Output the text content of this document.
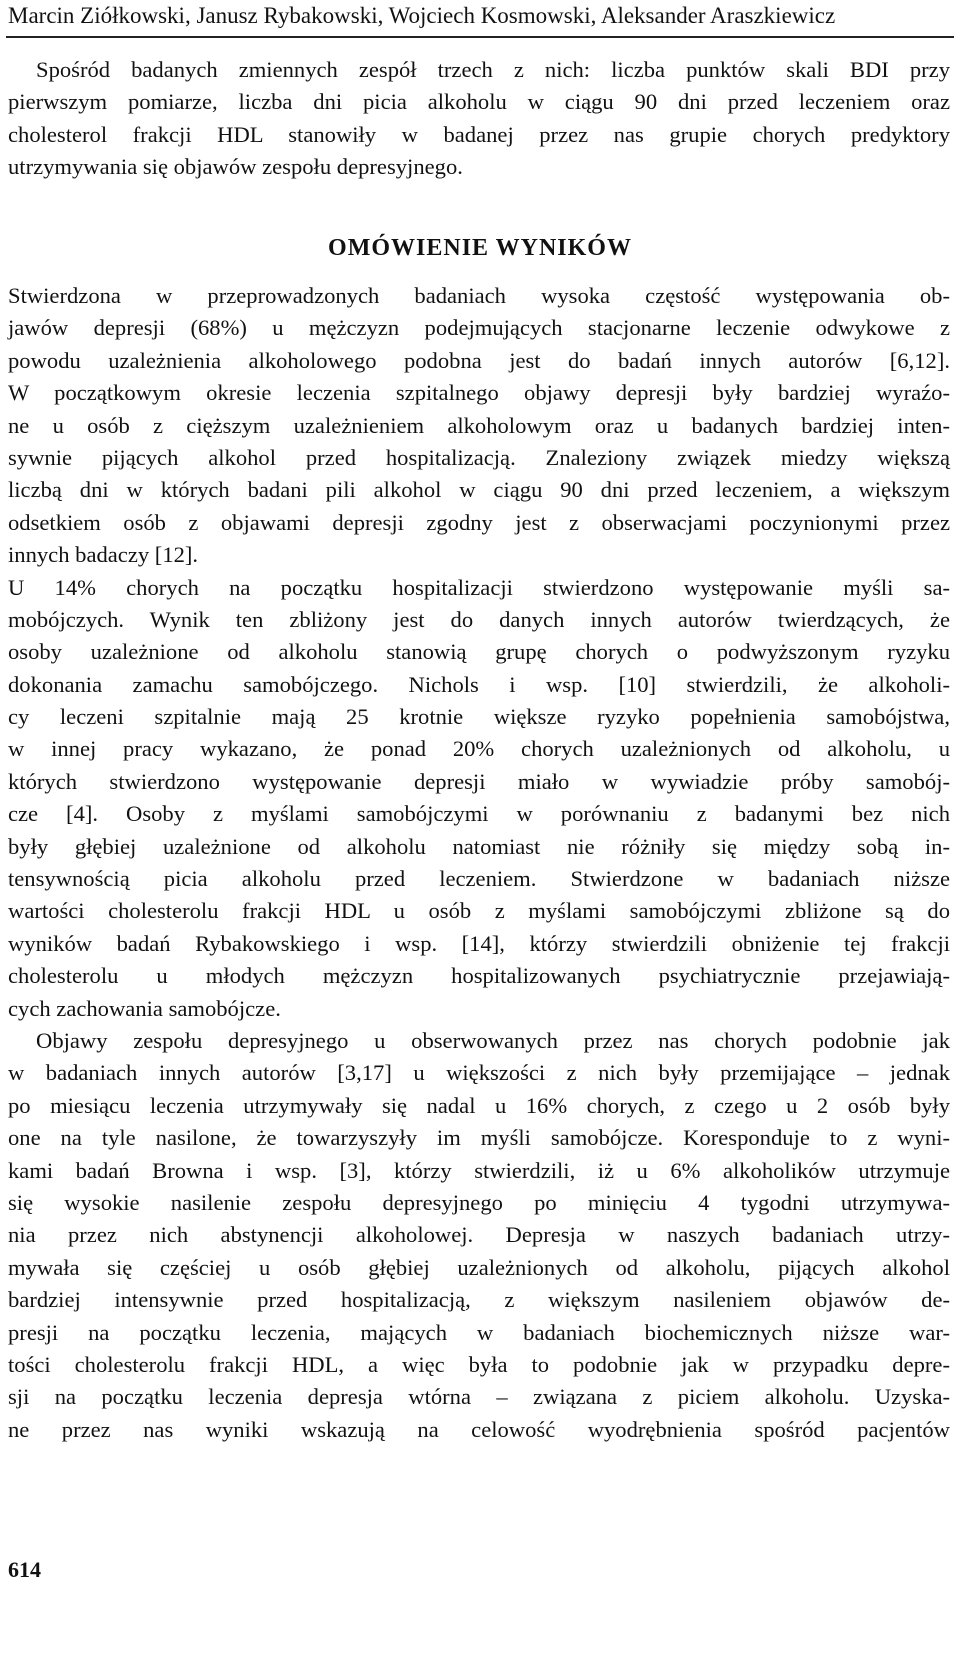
Marcin Ziółkowski, Janusz Rybakowski, Wojciech Kosmowski, Aleksander Araszkiewicz
Spośród badanych zmiennych zespół trzech z nich: liczba punktów skali BDI przy
pierwszym pomiarze, liczba dni picia alkoholu w ciągu 90 dni przed leczeniem oraz
cholesterol frakcji HDL stanowiły w badanej przez nas grupie chorych predyktory
utrzymywania się objawów zespołu depresyjnego.
OMÓWIENIE WYNIKÓW
Stwierdzona w przeprowadzonych badaniach wysoka częstość występowania ob-
jawów depresji (68%) u mężczyzn podejmujących stacjonarne leczenie odwykowe z
powodu uzależnienia alkoholowego podobna jest do badań innych autorów [6,12].
W początkowym okresie leczenia szpitalnego objawy depresji były bardziej wyraźo-
ne u osób z cięższym uzależnieniem alkoholowym oraz u badanych bardziej inten-
sywnie pijących alkohol przed hospitalizacją. Znaleziony związek miedzy większą
liczbą dni w których badani pili alkohol w ciągu 90 dni przed leczeniem, a większym
odsetkiem osób z objawami depresji zgodny jest z obserwacjami poczynionymi przez
innych badaczy [12].
U 14% chorych na początku hospitalizacji stwierdzono występowanie myśli sa-
mobójczych. Wynik ten zbliżony jest do danych innych autorów twierdzących, że
osoby uzależnione od alkoholu stanowią grupę chorych o podwyższonym ryzyku
dokonania zamachu samobójczego. Nichols i wsp. [10] stwierdzili, że alkoholi-
cy leczeni szpitalnie mają 25 krotnie większe ryzyko popełnienia samobójstwa,
w innej pracy wykazano, że ponad 20% chorych uzależnionych od alkoholu, u
których stwierdzono występowanie depresji miało w wywiadzie próby samobój-
cze [4]. Osoby z myślami samobójczymi w porównaniu z badanymi bez nich
były głębiej uzależnione od alkoholu natomiast nie różniły się między sobą in-
tensywnością picia alkoholu przed leczeniem. Stwierdzone w badaniach niższe
wartości cholesterolu frakcji HDL u osób z myślami samobójczymi zbliżone są do
wyników badań Rybakowskiego i wsp. [14], którzy stwierdzili obniżenie tej frakcji
cholesterolu u młodych mężczyzn hospitalizowanych psychiatrycznie przejawiają-
cych zachowania samobójcze.
Objawy zespołu depresyjnego u obserwowanych przez nas chorych podobnie jak
w badaniach innych autorów [3,17] u większości z nich były przemijające – jednak
po miesiącu leczenia utrzymywały się nadal u 16% chorych, z czego u 2 osób były
one na tyle nasilone, że towarzyszyły im myśli samobójcze. Koresponduje to z wyni-
kami badań Browna i wsp. [3], którzy stwierdzili, iż u 6% alkoholików utrzymuje
się wysokie nasilenie zespołu depresyjnego po minięciu 4 tygodni utrzymywa-
nia przez nich abstynencji alkoholowej. Depresja w naszych badaniach utrzy-
mywała się częściej u osób głębiej uzależnionych od alkoholu, pijących alkohol
bardziej intensywnie przed hospitalizacją, z większym nasileniem objawów de-
presji na początku leczenia, mających w badaniach biochemicznych niższe war-
tości cholesterolu frakcji HDL, a więc była to podobnie jak w przypadku depre-
sji na początku leczenia depresja wtórna – związana z piciem alkoholu. Uzyska-
ne przez nas wyniki wskazują na celowość wyodrębnienia spośród pacjentów
614
